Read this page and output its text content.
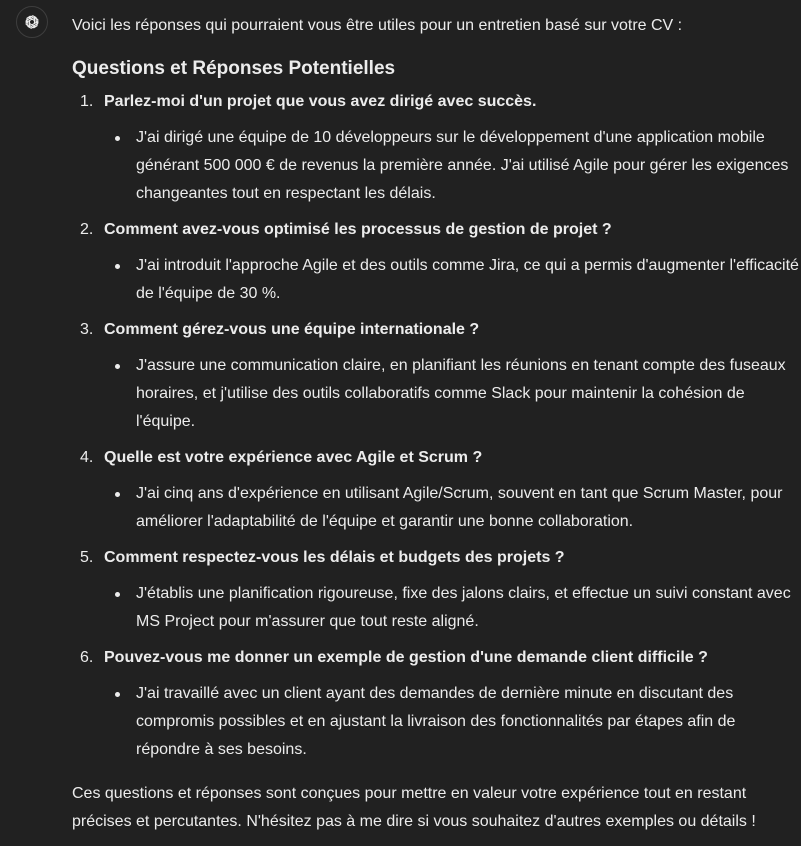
Voici les réponses qui pourraient vous être utiles pour un entretien basé sur votre CV :

Questions et Réponses Potentielles
1. Parlez-moi d'un projet que vous avez dirigé avec succès.
J'ai dirigé une équipe de 10 développeurs sur le développement d'une application mobile générant 500 000 € de revenus la première année. J'ai utilisé Agile pour gérer les exigences changeantes tout en respectant les délais.
2. Comment avez-vous optimisé les processus de gestion de projet ?
J'ai introduit l'approche Agile et des outils comme Jira, ce qui a permis d'augmenter l'efficacité de l'équipe de 30 %.
3. Comment gérez-vous une équipe internationale ?
J'assure une communication claire, en planifiant les réunions en tenant compte des fuseaux horaires, et j'utilise des outils collaboratifs comme Slack pour maintenir la cohésion de l'équipe.
4. Quelle est votre expérience avec Agile et Scrum ?
J'ai cinq ans d'expérience en utilisant Agile/Scrum, souvent en tant que Scrum Master, pour améliorer l'adaptabilité de l'équipe et garantir une bonne collaboration.
5. Comment respectez-vous les délais et budgets des projets ?
J'établis une planification rigoureuse, fixe des jalons clairs, et effectue un suivi constant avec MS Project pour m'assurer que tout reste aligné.
6. Pouvez-vous me donner un exemple de gestion d'une demande client difficile ?
J'ai travaillé avec un client ayant des demandes de dernière minute en discutant des compromis possibles et en ajustant la livraison des fonctionnalités par étapes afin de répondre à ses besoins.

Ces questions et réponses sont conçues pour mettre en valeur votre expérience tout en restant précises et percutantes. N'hésitez pas à me dire si vous souhaitez d'autres exemples ou détails !
